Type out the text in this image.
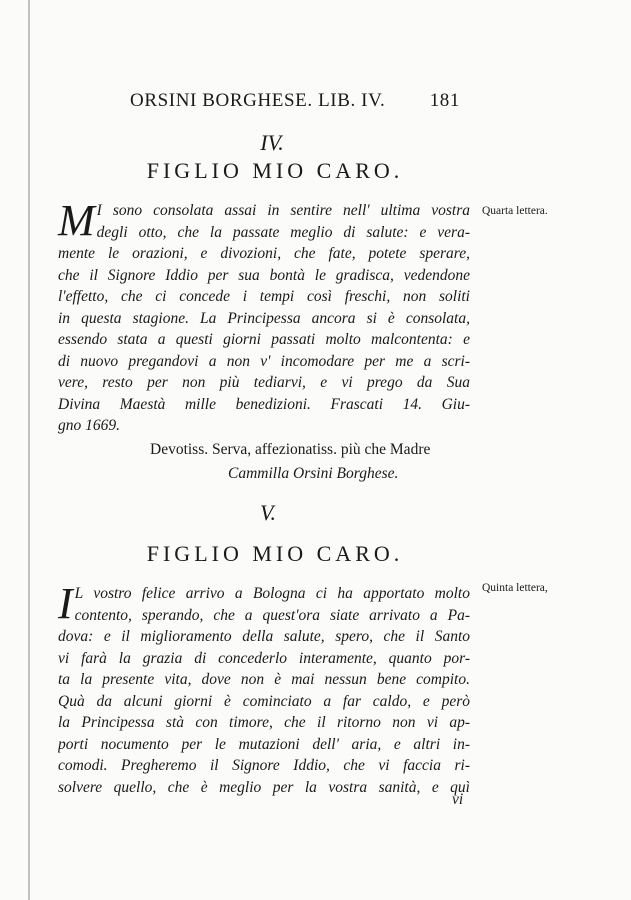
ORSINI BORGHESE. LIB. IV. 181
IV.
FIGLIO MIO CARO.
Quarta lettera.
M I sono consolata assai in sentire nell' ultima vostra
degli otto, che la passate meglio di salute: e vera-
mente le orazioni, e divozioni, che fate, potete sperare,
che il Signore Iddio per sua bontà le gradisca, vedendone
l'effetto, che ci concede i tempi così freschi, non soliti
in questa stagione. La Principessa ancora si è consolata,
essendo stata a questi giorni passati molto malcontenta: e
di nuovo pregandovi a non v' incomodare per me a scri-
vere, resto per non più tediarvi, e vi prego da Sua
Divina Maestà mille benedizioni. Frascati 14. Giu-
gno 1669.
Devotiss. Serva, affezionatiss. più che Madre
Cammilla Orsini Borghese.
V.
FIGLIO MIO CARO.
Quinta lettera,
I L vostro felice arrivo a Bologna ci ha apportato molto
contento, sperando, che a quest'ora siate arrivato a Pa-
dova: e il miglioramento della salute, spero, che il Santo
vi farà la grazia di concederlo interamente, quanto por-
ta la presente vita, dove non è mai nessun bene compito.
Quà da alcuni giorni è cominciato a far caldo, e però
la Principessa stà con timore, che il ritorno non vi ap-
porti nocumento per le mutazioni dell' aria, e altri in-
comodi. Pregheremo il Signore Iddio, che vi faccia ri-
solvere quello, che è meglio per la vostra sanità, e quì
vi
